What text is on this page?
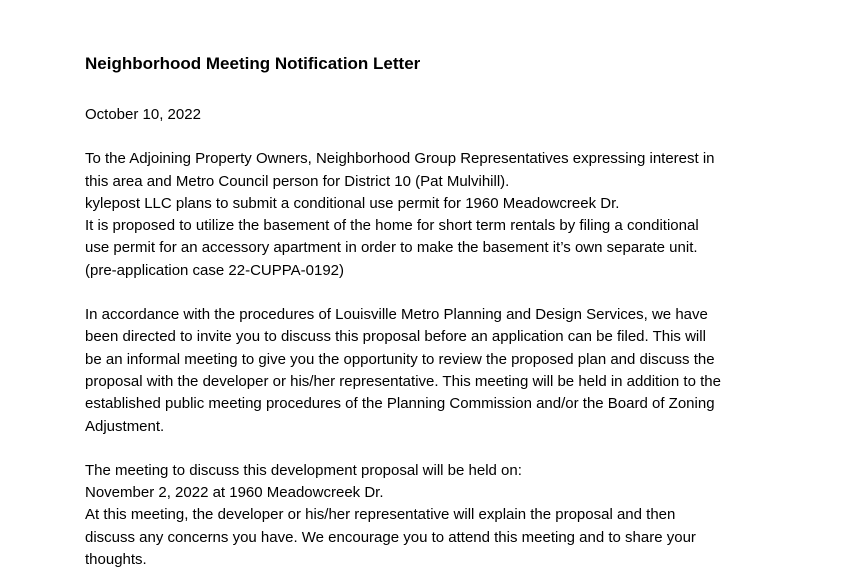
Neighborhood Meeting Notification Letter
October 10, 2022
To the Adjoining Property Owners, Neighborhood Group Representatives expressing interest in
this area and Metro Council person for District 10 (Pat Mulvihill).
kylepost LLC plans to submit a conditional use permit for 1960 Meadowcreek Dr.
It is proposed to utilize the basement of the home for short term rentals by filing a conditional
use permit for an accessory apartment in order to make the basement it’s own separate unit.
(pre-application case 22-CUPPA-0192)
In accordance with the procedures of Louisville Metro Planning and Design Services, we have
been directed to invite you to discuss this proposal before an application can be filed. This will
be an informal meeting to give you the opportunity to review the proposed plan and discuss the
proposal with the developer or his/her representative. This meeting will be held in addition to the
established public meeting procedures of the Planning Commission and/or the Board of Zoning
Adjustment.
The meeting to discuss this development proposal will be held on:
November 2, 2022 at 1960 Meadowcreek Dr.
At this meeting, the developer or his/her representative will explain the proposal and then
discuss any concerns you have. We encourage you to attend this meeting and to share your
thoughts.
